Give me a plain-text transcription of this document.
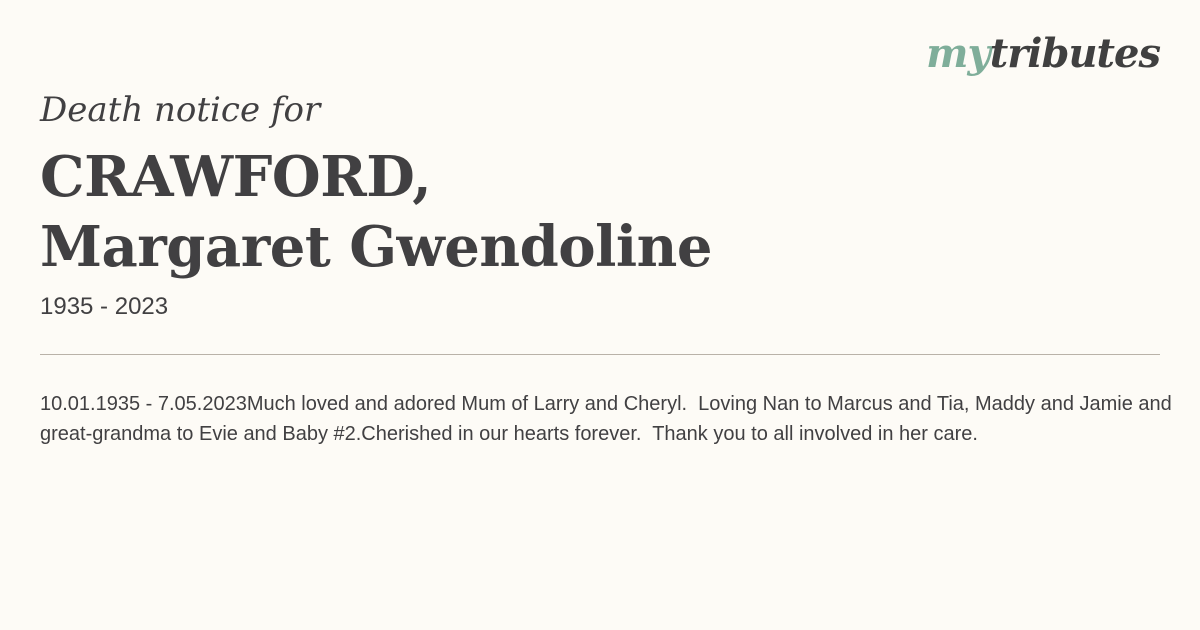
mytributes

Death notice for

CRAWFORD,
Margaret Gwendoline
1935 - 2023

10.01.1935 - 7.05.2023Much loved and adored Mum of Larry and Cheryl.  Loving Nan to Marcus and Tia, Maddy and Jamie and great-grandma to Evie and Baby #2.Cherished in our hearts forever.  Thank you to all involved in her care.
